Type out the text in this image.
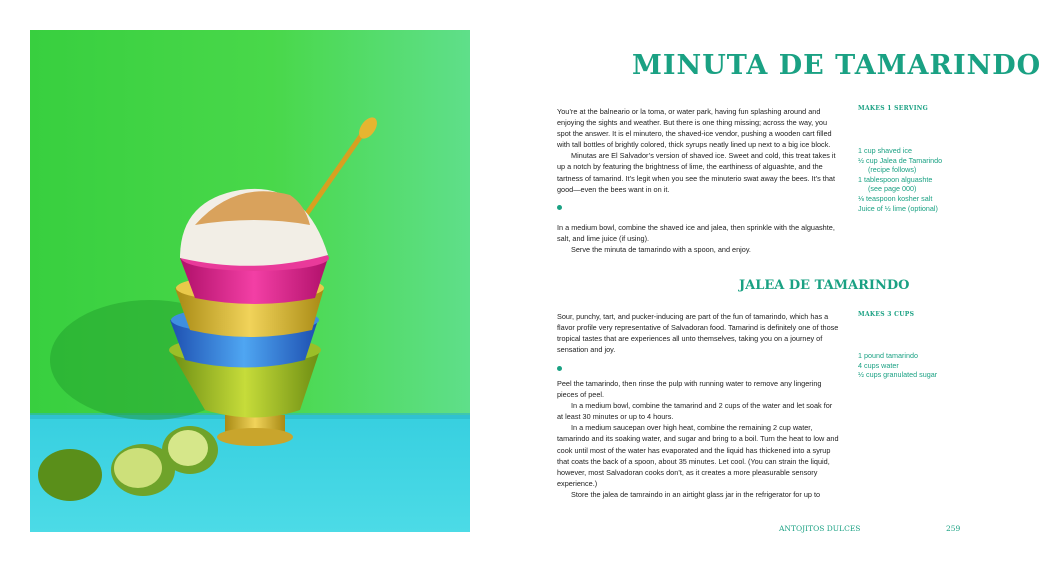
MINUTA DE TAMARINDO
MAKES 1 SERVING

You’re at the balneario or la toma, or water park, having fun splashing around and enjoying the sights and weather. But there is one thing missing; across the way, you spot the answer. It is el minutero, the shaved-ice vendor, pushing a wooden cart filled with tall bottles of brightly colored, thick syrups neatly lined up next to a big ice block.

Minutas are El Salvador’s version of shaved ice. Sweet and cold, this treat takes it up a notch by featuring the brightness of lime, the earthiness of alguashte, and the tartness of tamarind. It’s legit when you see the minuterio swat away the bees. It’s that good—even the bees want in on it.

1 cup shaved ice
½ cup Jalea de Tamarindo
(recipe follows)
1 tablespoon alguashte
(see page 000)
⅛ teaspoon kosher salt
Juice of ½ lime (optional)

In a medium bowl, combine the shaved ice and jalea, then sprinkle with the alguashte, salt, and lime juice (if using).

Serve the minuta de tamarindo with a spoon, and enjoy.

JALEA DE TAMARINDO
MAKES 3 CUPS

Sour, punchy, tart, and pucker-inducing are part of the fun of tamarindo, which has a flavor profile very representative of Salvadoran food. Tamarind is definitely one of those tropical tastes that are experiences all unto themselves, taking you on a journey of sensation and joy.

1 pound tamarindo
4 cups water
½ cups granulated sugar

Peel the tamarindo, then rinse the pulp with running water to remove any lingering pieces of peel.

In a medium bowl, combine the tamarind and 2 cups of the water and let soak for at least 30 minutes or up to 4 hours.

In a medium saucepan over high heat, combine the remaining 2 cup water, tamarindo and its soaking water, and sugar and bring to a boil. Turn the heat to low and cook until most of the water has evaporated and the liquid has thickened into a syrup that coats the back of a spoon, about 35 minutes. Let cool. (You can strain the liquid, however, most Salvadoran cooks don’t, as it creates a more pleasurable sensory experience.)

Store the jalea de tamraindo in an airtight glass jar in the refrigerator for up to

ANTOJITOS DULCES	259
